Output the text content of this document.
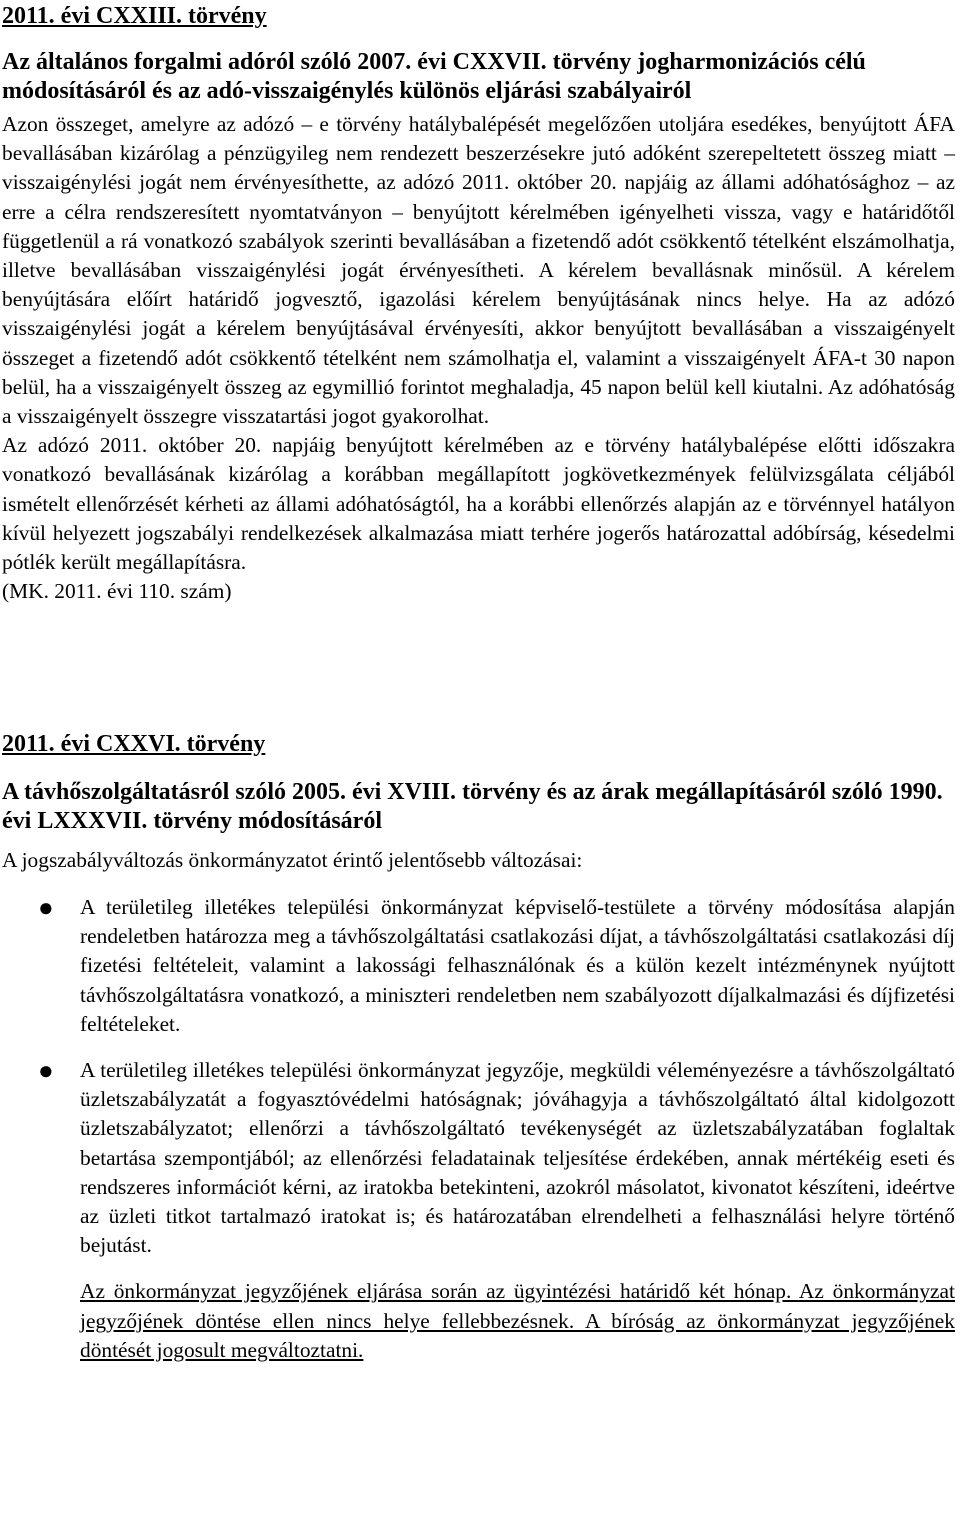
2011. évi CXXIII. törvény

Az általános forgalmi adóról szóló 2007. évi CXXVII. törvény jogharmonizációs célú módosításáról és az adó-visszaigénylés különös eljárási szabályairól

Azon összeget, amelyre az adózó – e törvény hatálybalépését megelőzően utoljára esedékes, benyújtott ÁFA bevallásában kizárólag a pénzügyileg nem rendezett beszerzésekre jutó adóként szerepeltetett összeg miatt – visszaigénylési jogát nem érvényesíthette, az adózó 2011. október 20. napjáig az állami adóhatósághoz – az erre a célra rendszeresített nyomtatványon – benyújtott kérelmében igényelheti vissza, vagy e határidőtől függetlenül a rá vonatkozó szabályok szerinti bevallásában a fizetendő adót csökkentő tételként elszámolhatja, illetve bevallásában visszaigénylési jogát érvényesítheti. A kérelem bevallásnak minősül. A kérelem benyújtására előírt határidő jogvesztő, igazolási kérelem benyújtásának nincs helye. Ha az adózó visszaigénylési jogát a kérelem benyújtásával érvényesíti, akkor benyújtott bevallásában a visszaigényelt összeget a fizetendő adót csökkentő tételként nem számolhatja el, valamint a visszaigényelt ÁFA-t 30 napon belül, ha a visszaigényelt összeg az egymillió forintot meghaladja, 45 napon belül kell kiutalni. Az adóhatóság a visszaigényelt összegre visszatartási jogot gyakorolhat.

Az adózó 2011. október 20. napjáig benyújtott kérelmében az e törvény hatálybalépése előtti időszakra vonatkozó bevallásának kizárólag a korábban megállapított jogkövetkezmények felülvizsgálata céljából ismételt ellenőrzését kérheti az állami adóhatóságtól, ha a korábbi ellenőrzés alapján az e törvénnyel hatályon kívül helyezett jogszabályi rendelkezések alkalmazása miatt terhére jogerős határozattal adóbírság, késedelmi pótlék került megállapításra.

(MK. 2011. évi 110. szám)

2011. évi CXXVI. törvény

A távhőszolgáltatásról szóló 2005. évi XVIII. törvény és az árak megállapításáról szóló 1990. évi LXXXVII. törvény módosításáról

A jogszabályváltozás önkormányzatot érintő jelentősebb változásai:

● A területileg illetékes települési önkormányzat képviselő-testülete a törvény módosítása alapján rendeletben határozza meg a távhőszolgáltatási csatlakozási díjat, a távhőszolgáltatási csatlakozási díj fizetési feltételeit, valamint a lakossági felhasználónak és a külön kezelt intézménynek nyújtott távhőszolgáltatásra vonatkozó, a miniszteri rendeletben nem szabályozott díjalkalmazási és díjfizetési feltételeket.

● A területileg illetékes települési önkormányzat jegyzője, megküldi véleményezésre a távhőszolgáltató üzletszabályzatát a fogyasztóvédelmi hatóságnak; jóváhagyja a távhőszolgáltató által kidolgozott üzletszabályzatot; ellenőrzi a távhőszolgáltató tevékenységét az üzletszabályzatában foglaltak betartása szempontjából; az ellenőrzési feladatainak teljesítése érdekében, annak mértékéig eseti és rendszeres információt kérni, az iratokba betekinteni, azokról másolatot, kivonatot készíteni, ideértve az üzleti titkot tartalmazó iratokat is; és határozatában elrendelheti a felhasználási helyre történő bejutást.

Az önkormányzat jegyzőjének eljárása során az ügyintézési határidő két hónap. Az önkormányzat jegyzőjének döntése ellen nincs helye fellebbezésnek. A bíróság az önkormányzat jegyzőjének döntését jogosult megváltoztatni.
